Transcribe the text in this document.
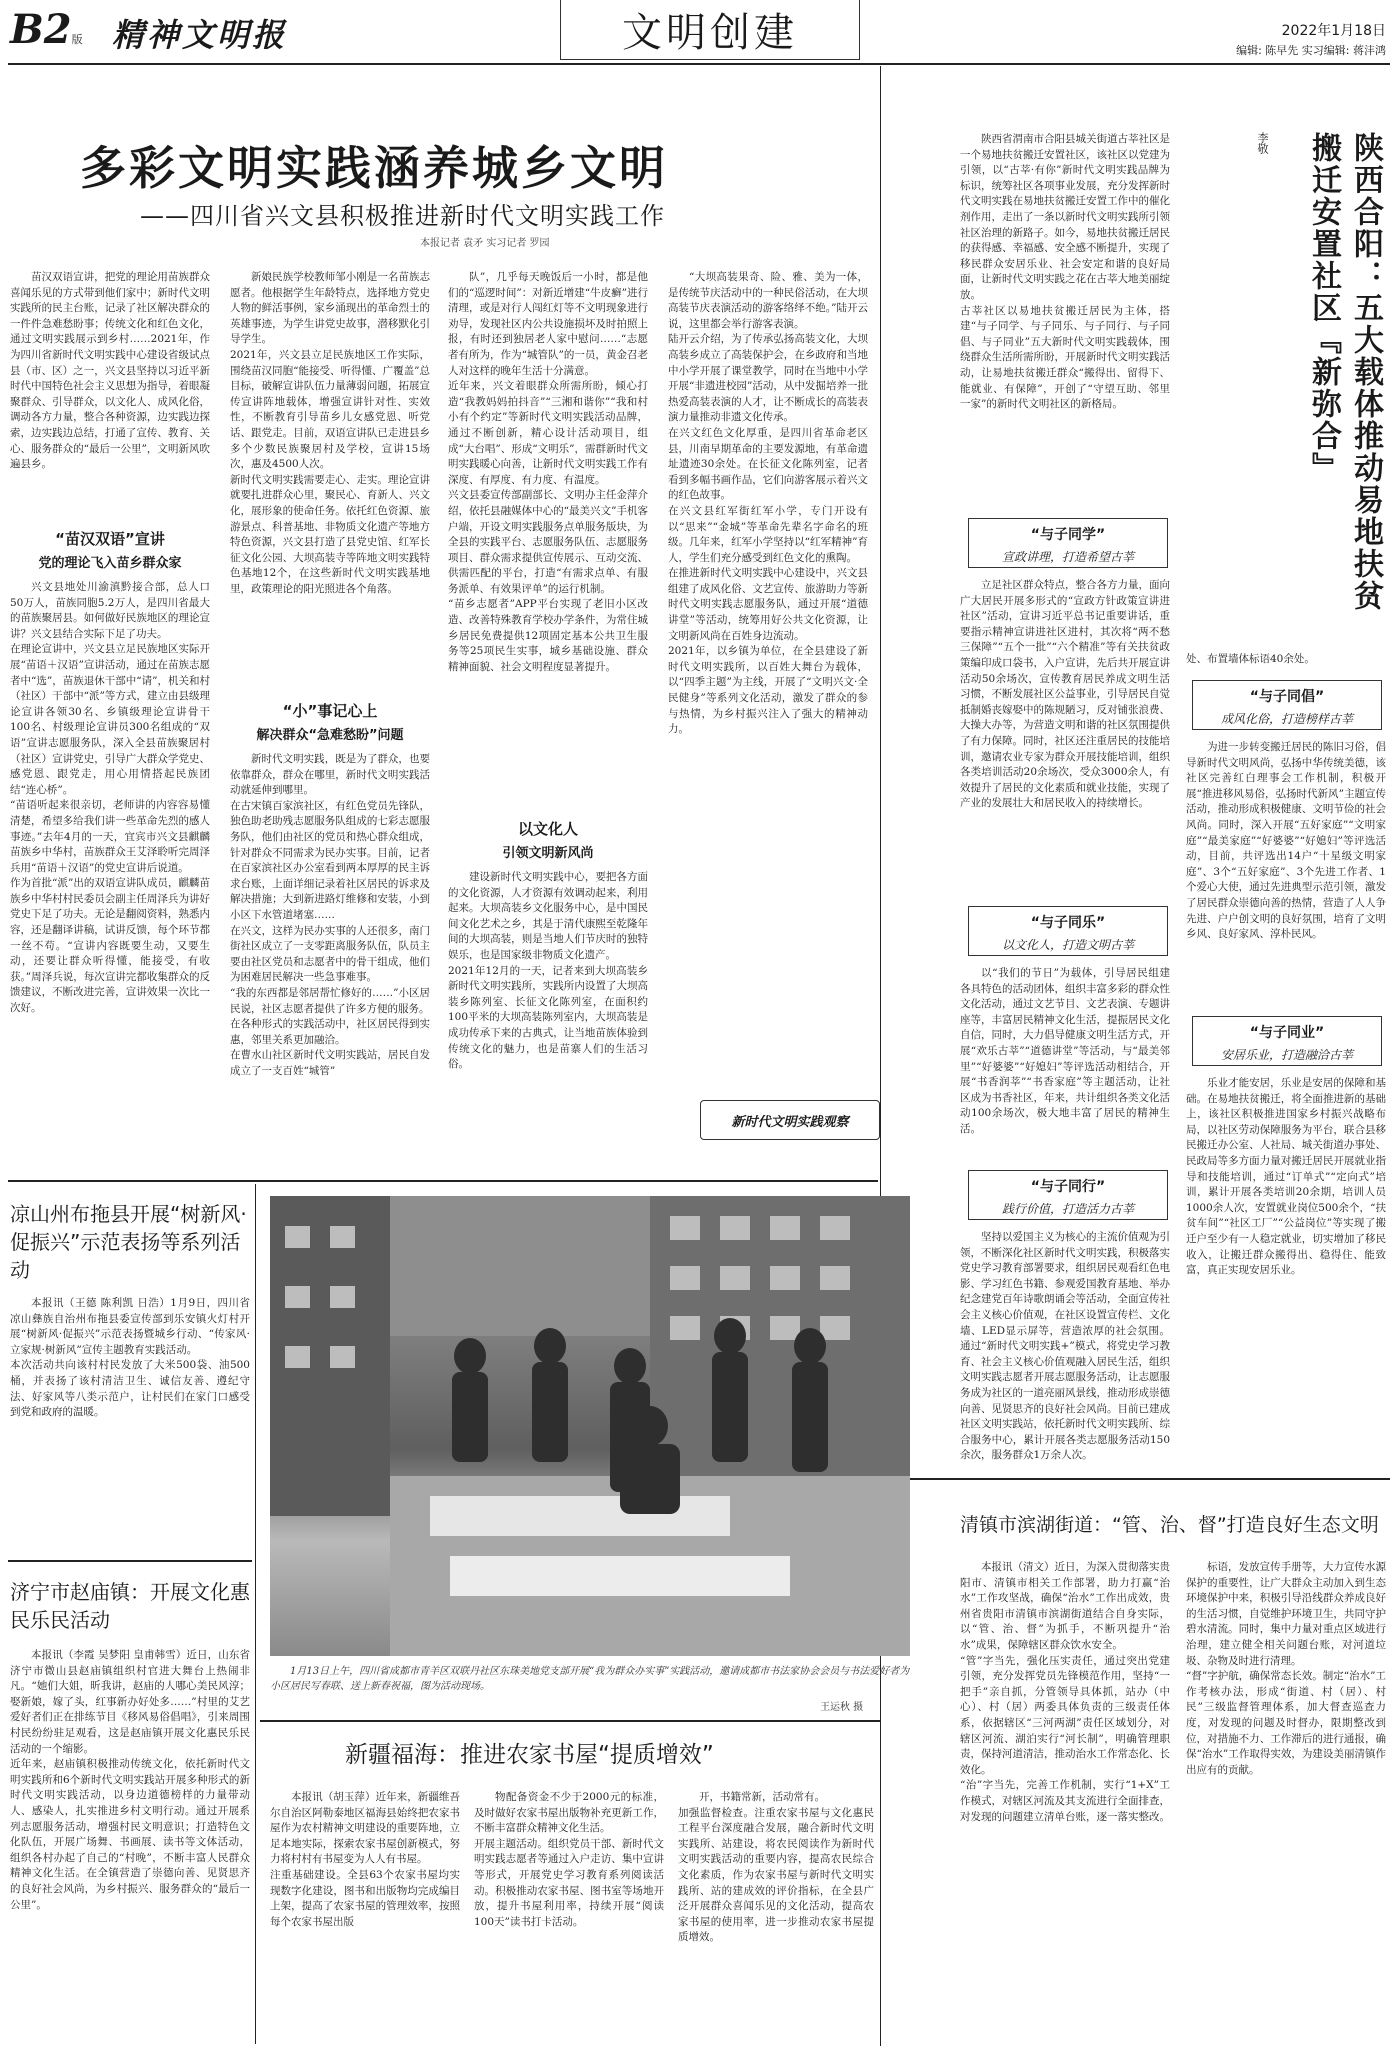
B2版 精神文明报	文明创建	2022年1月18日
编辑: 陈早先 实习编辑: 蒋沣鸿
多彩文明实践涵养城乡文明
——四川省兴文县积极推进新时代文明实践工作
本报记者 袁矛 实习记者 罗园
苗汉双语宣讲，把党的理论用苗族群众喜闻乐见的方式带到他们家中；新时代文明实践所的民主台账，记录了社区解决群众的一件件急难愁盼事；传统文化和红色文化，通过文明实践展示到乡村……2021年，作为四川省新时代文明实践中心建设省级试点县（市、区）之一，兴文县坚持以习近平新时代中国特色社会主义思想为指导，着眼凝聚群众、引导群众，以文化人、成风化俗，调动各方力量，整合各种资源，边实践边探索，边实践边总结，打通了宣传、教育、关心、服务群众的“最后一公里”，文明新风吹遍县乡。
“苗汉双语”宣讲
党的理论飞入苗乡群众家
兴文县地处川渝滇黔接合部，总人口50万人，苗族同胞5.2万人，是四川省最大的苗族聚居县。如何做好民族地区的理论宣讲？兴文县结合实际下足了功夫。
在理论宣讲中，兴文县立足民族地区实际开展“苗语＋汉语”宣讲活动，通过在苗族志愿者中“选”，苗族退休干部中“请”，机关和村（社区）干部中“派”等方式，建立由县级理论宣讲各领30名、乡镇级理论宣讲骨干100名、村级理论宣讲员300名组成的“双语”宣讲志愿服务队，深入全县苗族聚居村（社区）宣讲党史，引导广大群众学党史、感党恩、跟党走，用心用情搭起民族团结“连心桥”。
“苗语听起来很亲切，老师讲的内容容易懂清楚，希望多给我们讲一些革命先烈的感人事迹。”去年4月的一天，宜宾市兴文县麒麟苗族乡中华村，苗族群众王艾泽聆听完周泽兵用“苗语＋汉语”的党史宣讲后说道。
作为首批“派”出的双语宣讲队成员，麒麟苗族乡中华村村民委员会副主任周泽兵为讲好党史下足了功夫。无论是翻阅资料，熟悉内容，还是翻译讲稿，试讲反馈，每个环节都一丝不苟。“宣讲内容既要生动，又要生动，还要让群众听得懂，能接受，有收获。”周泽兵说，每次宣讲完都收集群众的反馈建议，不断改进完善，宣讲效果一次比一次好。
新娘民族学校教师邹小刚是一名苗族志愿者。他根据学生年龄特点，选择地方党史人物的鲜活事例，家乡涌现出的革命烈士的英雄事迹，为学生讲党史故事，潜移默化引导学生。
2021年，兴文县立足民族地区工作实际，围绕苗汉同胞“能接受、听得懂、广覆盖”总目标，破解宣讲队伍力量薄弱问题，拓展宣传宣讲阵地载体，增强宣讲针对性、实效性，不断教育引导苗乡儿女感党恩、听党话、跟党走。目前，双语宣讲队已走进县乡多个少数民族聚居村及学校，宣讲15场次，惠及4500人次。
新时代文明实践需要走心、走实。理论宣讲就要扎进群众心里，聚民心、育新人、兴文化，展形象的使命任务。依托红色资源、旅游景点、科普基地、非物质文化遗产等地方特色资源，兴文县打造了县党史馆、红军长征文化公园、大坝高装寺等阵地文明实践特色基地12个，在这些新时代文明实践基地里，政策理论的阳光照进各个角落。
“小”事记心上
解决群众“急难愁盼”问题
新时代文明实践，既是为了群众，也要依靠群众，群众在哪里，新时代文明实践活动就延伸到哪里。
在古宋镇百家滨社区，有红色党员先锋队，独色助老助残志愿服务队组成的七彩志愿服务队，他们由社区的党员和热心群众组成，针对群众不同需求为民办实事。目前，记者在百家滨社区办公室看到两本厚厚的民主诉求台账，上面详细记录着社区居民的诉求及解决措施；大到新进路灯维修和安装，小到小区下水管道堵塞……
在兴文，这样为民办实事的人还很多，南门街社区成立了一支零距离服务队伍，队员主要由社区党员和志愿者中的骨干组成，他们为困难居民解决一些急事难事。
“我的东西都是邻居帮忙修好的……”小区居民说，社区志愿者提供了许多方便的服务。
在各种形式的实践活动中，社区居民得到实惠，邻里关系更加融洽。
在曹水山社区新时代文明实践站，居民自发成立了一支百姓“城管”
队”，几乎每天晚饭后一小时，都是他们的“巡逻时间”：对新近增建“牛皮癣”进行清理，或是对行人闯红灯等不文明现象进行劝导，发现社区内公共设施损坏及时拍照上报，有时还到独居老人家中慰问……“志愿者有所为，作为“城管队”的一员，黄金召老人对这样的晚年生活十分满意。
近年来，兴文着眼群众所需所盼，倾心打造“我教妈妈拍抖音”“三湘和谐你”“我和村小有个约定”等新时代文明实践活动品牌，通过不断创新，精心设计活动项目，组成“大台唱”、形成“文明乐”，需群新时代文明实践暖心向善，让新时代文明实践工作有深度、有厚度、有力度、有温度。
兴文县委宣传部副部长、文明办主任金萍介绍，依托县融媒体中心的“最美兴文”手机客户端，开设文明实践服务点单服务版块，为全县的实践平台、志愿服务队伍、志愿服务项目、群众需求提供宣传展示、互动交流、供需匹配的平台，打造“有需求点单、有服务派单、有效果评单”的运行机制。
“苗乡志愿者”APP平台实现了老旧小区改造、改善特殊教育学校办学条件，为常住城乡居民免费提供12项固定基本公共卫生服务等25项民生实事，城乡基础设施、群众精神面貌、社会文明程度显著提升。
以文化人
引领文明新风尚
建设新时代文明实践中心，要把各方面的文化资源，人才资源有效调动起来，利用起来。大坝高装乡文化服务中心，是中国民间文化艺术之乡，其是于清代康熙至乾隆年间的大坝高装，则是当地人们节庆时的独特娱乐，也是国家级非物质文化遗产。
2021年12月的一天，记者来到大坝高装乡新时代文明实践所，实践所内设置了大坝高装乡陈列室、长征文化陈列室，在面积约100平米的大坝高装陈列室内，大坝高装是成功传承下来的古典式，让当地苗族体验到传统文化的魅力，也是苗寨人们的生活习俗。
“大坝高装果奇、险、雅、美为一体，是传统节庆活动中的一种民俗活动，在大坝高装节庆表演活动的游客络绎不绝。”陆开云说，这里都会举行游客表演。
陆开云介绍，为了传承弘扬高装文化，大坝高装乡成立了高装保护会，在乡政府和当地中小学开展了课堂教学，同时在当地中小学开展“非遗进校园”活动，从中发掘培养一批热爱高装表演的人才，让不断成长的高装表演力量推动非遗文化传承。
在兴文红色文化厚重，是四川省革命老区县，川南早期革命的主要发源地，有革命遗址遗迹30余处。在长征文化陈列室，记者看到多幅书画作品，它们向游客展示着兴文的红色故事。
在兴文县红军街红军小学，专门开设有以“思来”“金城”等革命先辈名字命名的班级。几年来，红军小学坚持以“红军精神”育人，学生们充分感受到红色文化的熏陶。
在推进新时代文明实践中心建设中，兴文县组建了成风化俗、文艺宣传、旅游助力等新时代文明实践志愿服务队，通过开展“道德讲堂”等活动，统筹用好公共文化资源，让文明新风尚在百姓身边流动。
2021年，以乡镇为单位，在全县建设了新时代文明实践所，以百姓大舞台为载体，以“四季主题”为主线，开展了“文明兴文·全民健身”等系列文化活动，激发了群众的参与热情，为乡村振兴注入了强大的精神动力。
新时代文明实践观察
陕西合阳：五大载体推动易地扶贫搬迁安置社区『新弥合』
李敬
陕西省渭南市合阳县城关街道古莘社区是一个易地扶贫搬迁安置社区，该社区以党建为引领，以“古莘·有你”新时代文明实践品牌为标识，统筹社区各项事业发展，充分发挥新时代文明实践在易地扶贫搬迁安置工作中的催化剂作用，走出了一条以新时代文明实践所引领社区治理的新路子。如今，易地扶贫搬迁居民的获得感、幸福感、安全感不断提升，实现了移民群众安居乐业、社会安定和谐的良好局面，让新时代文明实践之花在古莘大地美丽绽放。
古莘社区以易地扶贫搬迁居民为主体，搭建“与子同学、与子同乐、与子同行、与子同倡、与子同业”五大新时代文明实践载体，围绕群众生活所需所盼，开展新时代文明实践活动，让易地扶贫搬迁群众“搬得出、留得下、能就业、有保障”，开创了“守望互助、邻里一家”的新时代文明社区的新格局。
“与子同学”
宣政讲理，打造希望古莘
立足社区群众特点，整合各方力量，面向广大居民开展多形式的“宣政方针政策宣讲进社区”活动，宣讲习近平总书记重要讲话，重要指示精神宣讲进社区进村，其次将“两不愁三保障”“五个一批”“六个精准”等有关扶贫政策编印成口袋书，入户宣讲，先后共开展宣讲活动50余场次，宣传教育居民养成文明生活习惯，不断发展社区公益事业，引导居民自觉抵制婚丧嫁娶中的陈规陋习，反对铺张浪费、大操大办等，为营造文明和谐的社区氛围提供了有力保障。同时，社区还注重居民的技能培训，邀请农业专家为群众开展技能培训，组织各类培训活动20余场次，受众3000余人，有效提升了居民的文化素质和就业技能，实现了产业的发展壮大和居民收入的持续增长。
处、布置墙体标语40余处。
“与子同倡”
成风化俗，打造榜样古莘
为进一步转变搬迁居民的陈旧习俗，倡导新时代文明风尚，弘扬中华传统美德，该社区完善红白理事会工作机制，积极开展“推进移风易俗，弘扬时代新风”主题宣传活动，推动形成积极健康、文明节俭的社会风尚。同时，深入开展“五好家庭”“文明家庭”“最美家庭”“好婆婆”“好媳妇”等评选活动，目前，共评选出14户“十星级文明家庭”、3个“五好家庭”、3个先进工作者、1个爱心大使，通过先进典型示范引领，激发了居民群众崇德向善的热情，营造了人人争先进、户户创文明的良好氛围，培育了文明乡风、良好家风、淳朴民风。
“与子同乐”
以文化人，打造文明古莘
以“我们的节日”为载体，引导居民组建各具特色的活动团体，组织丰富多彩的群众性文化活动，通过文艺节目、文艺表演、专题讲座等，丰富居民精神文化生活，提振居民文化自信，同时，大力倡导健康文明生活方式，开展“欢乐古莘”“道德讲堂”等活动，与“最美邻里”“好婆婆”“好媳妇”等评选活动相结合，开展“书香润莘”“书香家庭”等主题活动，让社区成为书香社区，年来，共计组织各类文化活动100余场次，极大地丰富了居民的精神生活。
“与子同业”
安居乐业，打造融洽古莘
乐业才能安居，乐业是安居的保障和基础。在易地扶贫搬迁，将全面推进新的基础上，该社区积极推进国家乡村振兴战略布局，以社区劳动保障服务为平台，联合县移民搬迁办公室、人社局、城关街道办事处、民政局等多方面力量对搬迁居民开展就业指导和技能培训，通过“订单式”“定向式”培训，累计开展各类培训20余期，培训人员1000余人次，安置就业岗位500余个，“扶贫车间”“社区工厂”“公益岗位”等实现了搬迁户至少有一人稳定就业，切实增加了移民收入，让搬迁群众搬得出、稳得住、能致富，真正实现安居乐业。
“与子同行”
践行价值，打造活力古莘
坚持以爱国主义为核心的主流价值观为引领，不断深化社区新时代文明实践，积极落实党史学习教育部署要求，组织居民观看红色电影、学习红色书籍、参观爱国教育基地、举办纪念建党百年诗歌朗诵会等活动，全面宣传社会主义核心价值观，在社区设置宣传栏、文化墙、LED显示屏等，营造浓厚的社会氛围。通过“新时代文明实践+”模式，将党史学习教育、社会主义核心价值观融入居民生活，组织文明实践志愿者开展志愿服务活动，让志愿服务成为社区的一道亮丽风景线，推动形成崇德向善、见贤思齐的良好社会风尚。目前已建成社区文明实践站，依托新时代文明实践所、综合服务中心，累计开展各类志愿服务活动150余次，服务群众1万余人次。
1月13日上午，四川省成都市青羊区双联丹社区东珠美地党支部开展“我为群众办实事”实践活动，邀请成都市书法家协会会员与书法爱好者为小区居民写春联、送上新春祝福，图为活动现场。
王运秋 摄
凉山州布拖县开展“树新风·促振兴”示范表扬等系列活动
本报讯（王德 陈利凯 日浩）1月9日，四川省凉山彝族自治州布拖县委宣传部到乐安镇火灯村开展“树新风·促振兴”示范表扬暨城乡行动、“传家风·立家规·树新风”宣传主题教育实践活动。
本次活动共向该村村民发放了大米500袋、油500桶，并表扬了该村清洁卫生、诚信友善、遵纪守法、好家风等八类示范户，让村民们在家门口感受到党和政府的温暖。
济宁市赵庙镇：开展文化惠民乐民活动
本报讯（李霞 吴梦阳 皇甫韩雪）近日，山东省济宁市微山县赵庙镇组织村官进大舞台上热闹非凡。“她们大姐，昕我讲，赵庙的人哪心美民风淳；娶新娘，嫁了头，红事新办好处多……”村里的艾艺爱好者们正在排练节目《移风易俗倡唱》，引来周围村民纷纷驻足观看，这是赵庙镇开展文化惠民乐民活动的一个缩影。
近年来，赵庙镇积极推动传统文化，依托新时代文明实践所和6个新时代文明实践站开展多种形式的新时代文明实践活动，以身边道德榜样的力量带动人、感染人，扎实推进乡村文明行动。通过开展系列志愿服务活动，增强村民文明意识；打造特色文化队伍，开展广场舞、书画展、读书等文体活动，组织各村办起了自己的“村晚”，不断丰富人民群众精神文化生活。在全镇营造了崇德向善、见贤思齐的良好社会风尚，为乡村振兴、服务群众的“最后一公里”。
清镇市滨湖街道：“管、治、督”打造良好生态文明
本报讯（清文）近日，为深入贯彻落实贵阳市、清镇市相关工作部署，助力打赢“治水”工作攻坚战，确保“治水”工作出成效，贵州省贵阳市清镇市滨湖街道结合自身实际，以“管、治、督”为抓手，不断巩提升“治水”成果，保障辖区群众饮水安全。
“管”字当先，强化压实责任，通过突出党建引领，充分发挥党员先锋模范作用，坚持“一把手”亲自抓，分管领导具体抓，站办（中心）、村（居）两委具体负责的三级责任体系，依据辖区“三河两湖”责任区域划分，对辖区河流、湖泊实行“河长制”，明确管理职责，保持河道清洁，推动治水工作常态化、长效化。
“治”字当先，完善工作机制，实行“1+X”工作模式，对辖区河流及其支流进行全面排查，对发现的问题建立清单台账，逐一落实整改。
标语，发放宣传手册等，大力宣传水源保护的重要性，让广大群众主动加入到生态环境保护中来，积极引导沿线群众养成良好的生活习惯，自觉维护环境卫生，共同守护碧水清流。同时，集中力量对重点区域进行治理，建立健全相关问题台账，对河道垃圾、杂物及时进行清理。
“督”字护航，确保常态长效。制定“治水”工作考核办法，形成“街道、村（居）、村民”三级监督管理体系，加大督查巡查力度，对发现的问题及时督办，限期整改到位，对措施不力、工作滞后的进行通报，确保“治水”工作取得实效，为建设美丽清镇作出应有的贡献。
新疆福海：推进农家书屋“提质增效”
本报讯（胡玉萍）近年来，新疆维吾尔自治区阿勒泰地区福海县始终把农家书屋作为农村精神文明建设的重要阵地，立足本地实际，探索农家书屋创新模式，努力将村村有书屋变为人人有书屋。
注重基础建设。全县63个农家书屋均实现数字化建设，图书和出版物均完成编目上架，提高了农家书屋的管理效率，按照每个农家书屋出版
物配备资金不少于2000元的标准，及时做好农家书屋出版物补充更新工作，不断丰富群众精神文化生活。
开展主题活动。组织党员干部、新时代文明实践志愿者等通过入户走访、集中宣讲等形式，开展党史学习教育系列阅读活动。积极推动农家书屋、图书室等场地开放，提升书屋利用率，持续开展“阅读100天”读书打卡活动。
开，书籍常新，活动常有。
加强监督检查。注重农家书屋与文化惠民工程平台深度融合发展，融合新时代文明实践所、站建设，将农民阅读作为新时代文明实践活动的重要内容，提高农民综合文化素质，作为农家书屋与新时代文明实践所、站的建成效的评价指标，在全县广泛开展群众喜闻乐见的文化活动，提高农家书屋的使用率，进一步推动农家书屋提质增效。
